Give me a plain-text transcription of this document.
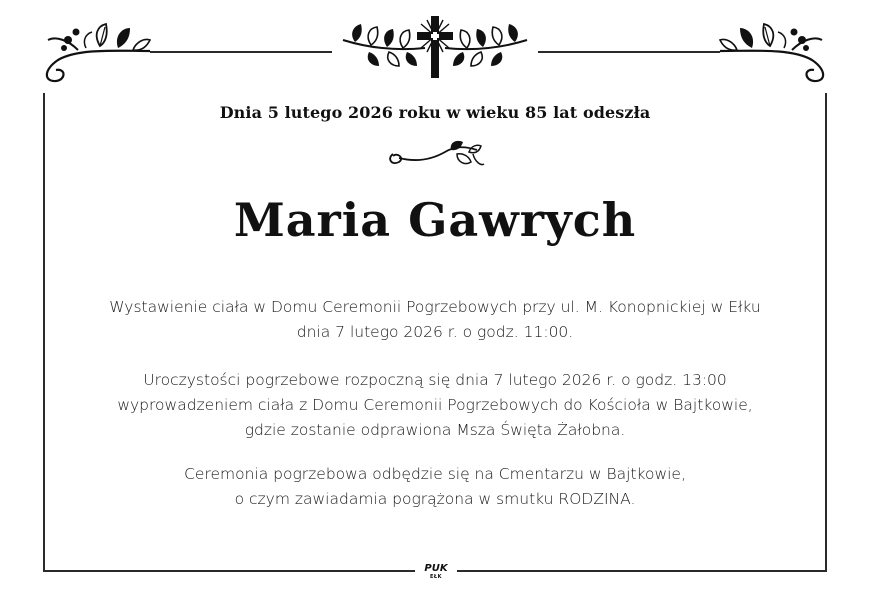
Dnia 5 lutego 2026 roku w wieku 85 lat odeszła
Maria Gawrych
Wystawienie ciała w Domu Ceremonii Pogrzebowych przy ul. M. Konopnickiej w Ełku
dnia 7 lutego 2026 r. o godz. 11:00.
Uroczystości pogrzebowe rozpoczną się dnia 7 lutego 2026 r. o godz. 13:00
wyprowadzeniem ciała z Domu Ceremonii Pogrzebowych do Kościoła w Bajtkowie,
gdzie zostanie odprawiona Msza Święta Żałobna.
Ceremonia pogrzebowa odbędzie się na Cmentarzu w Bajtkowie,
o czym zawiadamia pogrążona w smutku RODZINA.
PUK
EŁK
